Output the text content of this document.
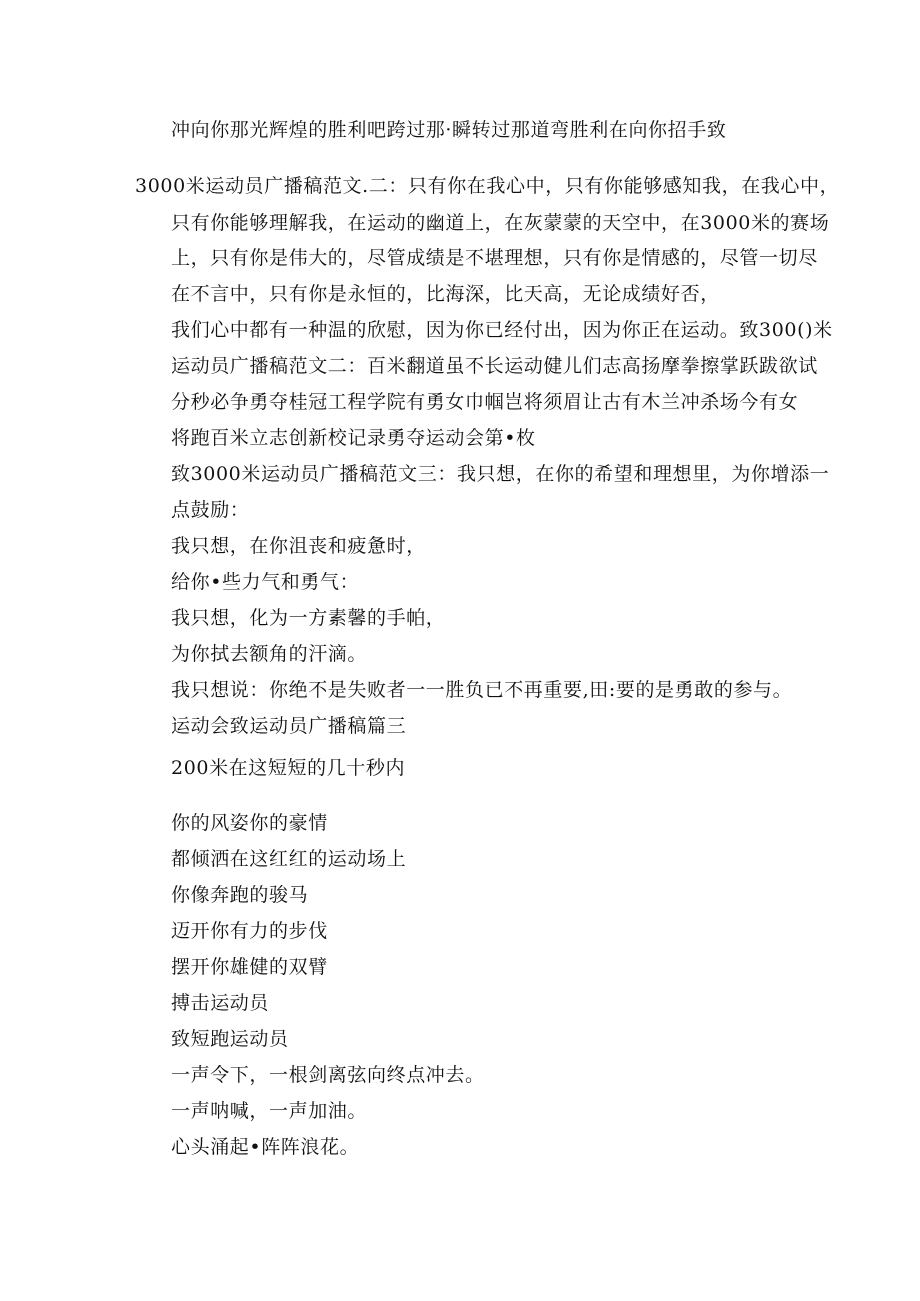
冲向你那光辉煌的胜利吧跨过那·瞬转过那道弯胜利在向你招手致
3000米运动员广播稿范文.二：只有你在我心中，只有你能够感知我，在我心中，
只有你能够理解我，在运动的幽道上，在灰蒙蒙的天空中，在3000米的赛场
上，只有你是伟大的，尽管成绩是不堪理想，只有你是情感的，尽管一切尽
在不言中，只有你是永恒的，比海深，比天高，无论成绩好否，
我们心中都有一种温的欣慰，因为你已经付出，因为你正在运动。致300()米
运动员广播稿范文二：百米翻道虽不长运动健儿们志高扬摩拳擦掌跃跋欲试
分秒必争勇夺桂冠工程学院有勇女巾帼岂将须眉让古有木兰冲杀场今有女
将跑百米立志创新校记录勇夺运动会第•枚
致3000米运动员广播稿范文三：我只想，在你的希望和理想里，为你增添一
点鼓励：
我只想，在你沮丧和疲惫时，
给你•些力气和勇气：
我只想，化为一方素馨的手帕，
为你拭去额角的汗滴。
我只想说：你绝不是失败者一一胜负已不再重要,田:要的是勇敢的参与。
运动会致运动员广播稿篇三
200米在这短短的几十秒内
你的风姿你的豪情
都倾洒在这红红的运动场上
你像奔跑的骏马
迈开你有力的步伐
摆开你雄健的双臂
搏击运动员
致短跑运动员
一声令下，一根剑离弦向终点冲去。
一声呐喊，一声加油。
心头涌起•阵阵浪花。
